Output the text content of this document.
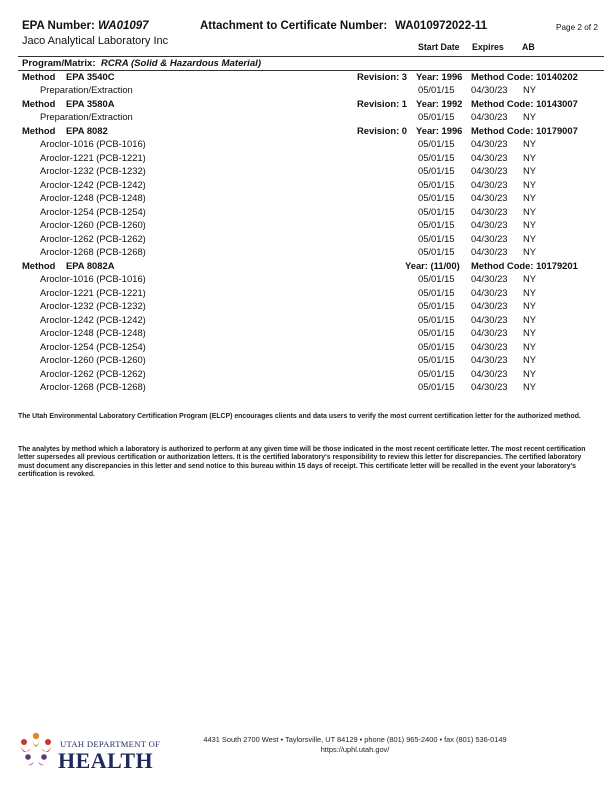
EPA Number: WA01097	Attachment to Certificate Number: WA010972022-11	Page 2 of 2
Jaco Analytical Laboratory Inc	Start Date Expires AB
Program/Matrix: RCRA (Solid & Hazardous Material)
Method EPA 3540C	Revision: 3 Year: 1996 Method Code: 10140202
Preparation/Extraction	05/01/15 04/30/23 NY
Method EPA 3580A	Revision: 1 Year: 1992 Method Code: 10143007
Preparation/Extraction	05/01/15 04/30/23 NY
Method EPA 8082	Revision: 0 Year: 1996 Method Code: 10179007
Aroclor-1016 (PCB-1016)	05/01/15 04/30/23 NY
Aroclor-1221 (PCB-1221)	05/01/15 04/30/23 NY
Aroclor-1232 (PCB-1232)	05/01/15 04/30/23 NY
Aroclor-1242 (PCB-1242)	05/01/15 04/30/23 NY
Aroclor-1248 (PCB-1248)	05/01/15 04/30/23 NY
Aroclor-1254 (PCB-1254)	05/01/15 04/30/23 NY
Aroclor-1260 (PCB-1260)	05/01/15 04/30/23 NY
Aroclor-1262 (PCB-1262)	05/01/15 04/30/23 NY
Aroclor-1268 (PCB-1268)	05/01/15 04/30/23 NY
Method EPA 8082A	Year: (11/00) Method Code: 10179201
Aroclor-1016 (PCB-1016)	05/01/15 04/30/23 NY
Aroclor-1221 (PCB-1221)	05/01/15 04/30/23 NY
Aroclor-1232 (PCB-1232)	05/01/15 04/30/23 NY
Aroclor-1242 (PCB-1242)	05/01/15 04/30/23 NY
Aroclor-1248 (PCB-1248)	05/01/15 04/30/23 NY
Aroclor-1254 (PCB-1254)	05/01/15 04/30/23 NY
Aroclor-1260 (PCB-1260)	05/01/15 04/30/23 NY
Aroclor-1262 (PCB-1262)	05/01/15 04/30/23 NY
Aroclor-1268 (PCB-1268)	05/01/15 04/30/23 NY
The Utah Environmental Laboratory Certification Program (ELCP) encourages clients and data users to verify the most current certification letter for the authorized method.
The analytes by method which a laboratory is authorized to perform at any given time will be those indicated in the most recent certificate letter. The most recent certification letter supersedes all previous certification or authorization letters. It is the certified laboratory's responsibility to review this letter for discrepancies. The certified laboratory must document any discrepancies in this letter and send notice to this bureau within 15 days of receipt. This certificate letter will be recalled in the event your laboratory's certification is revoked.
UTAH DEPARTMENT OF
HEALTH
4431 South 2700 West • Taylorsville, UT 84129 • phone (801) 965-2400 • fax (801) 536-0149
https://uphl.utah.gov/
